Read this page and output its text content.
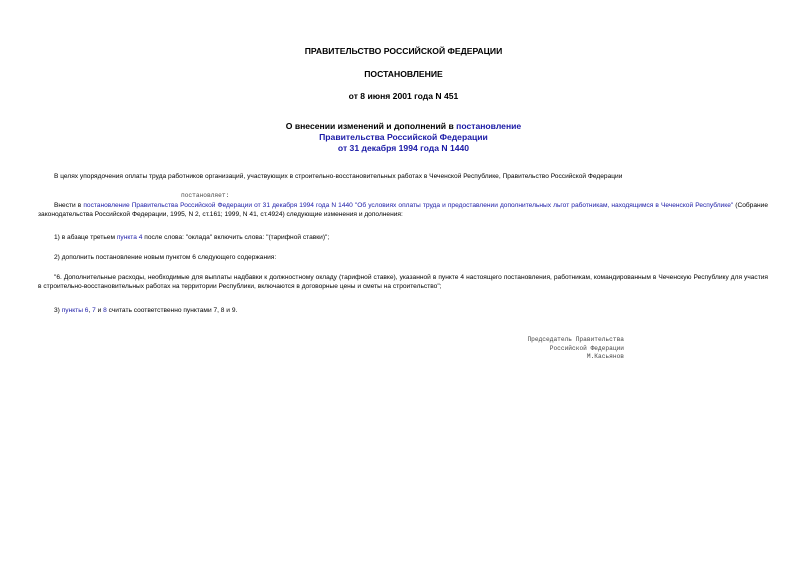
ПРАВИТЕЛЬСТВО РОССИЙСКОЙ ФЕДЕРАЦИИ
ПОСТАНОВЛЕНИЕ
от 8 июня 2001 года N 451
О внесении изменений и дополнений в постановление
Правительства Российской Федерации
от 31 декабря 1994 года N 1440
В целях упорядочения оплаты труда работников организаций, участвующих в строительно-восстановительных работах в Чеченской Республике, Правительство Российской Федерации
постановляет:
Внести в постановление Правительства Российской Федерации от 31 декабря 1994 года N 1440 "Об условиях оплаты труда и предоставлении дополнительных льгот работникам, находящимся в Чеченской Республике" (Собрание законодательства Российской Федерации, 1995, N 2, ст.161; 1999, N 41, ст.4924) следующие изменения и дополнения:
1) в абзаце третьем пункта 4 после слова: "оклада" включить слова: "(тарифной ставки)";
2) дополнить постановление новым пунктом 6 следующего содержания:
"6. Дополнительные расходы, необходимые для выплаты надбавки к должностному окладу (тарифной ставке), указанной в пункте 4 настоящего постановления, работникам, командированным в Чеченскую Республику для участия в строительно-восстановительных работах на территории Республики, включаются в договорные цены и сметы на строительство";
3) пункты 6, 7 и 8 считать соответственно пунктами 7, 8 и 9.
Председатель Правительства
Российской Федерации
М.Касьянов
